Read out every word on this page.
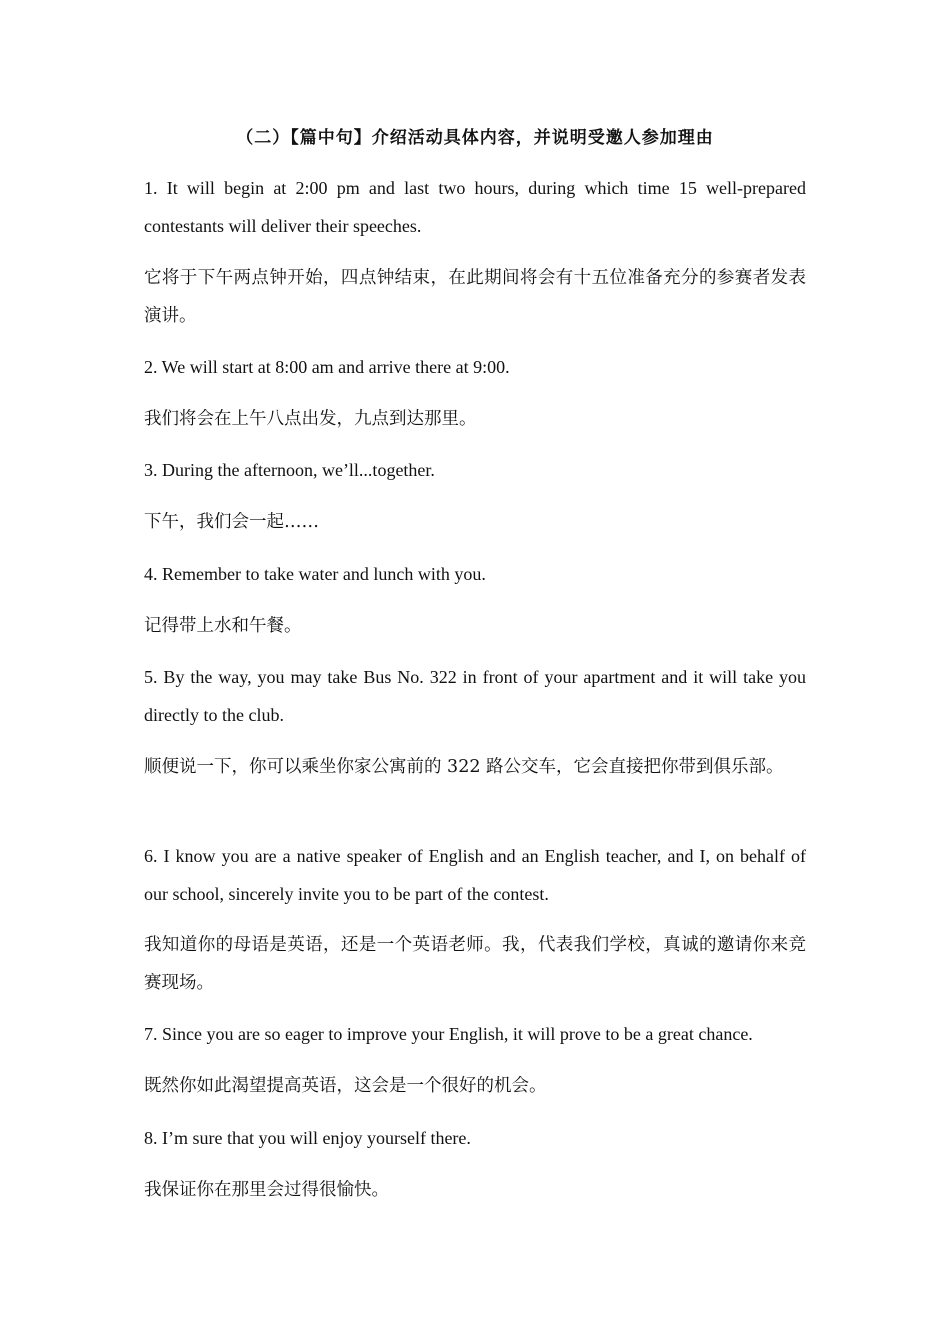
（二）【篇中句】介绍活动具体内容，并说明受邀人参加理由

1. It will begin at 2:00 pm and last two hours, during which time 15 well-prepared contestants will deliver their speeches.

它将于下午两点钟开始，四点钟结束，在此期间将会有十五位准备充分的参赛者发表演讲。

2. We will start at 8:00 am and arrive there at 9:00.

我们将会在上午八点出发，九点到达那里。

3. During the afternoon, we’ll...together.

下午，我们会一起……

4. Remember to take water and lunch with you.

记得带上水和午餐。

5. By the way, you may take Bus No. 322 in front of your apartment and it will take you directly to the club.

顺便说一下，你可以乘坐你家公寓前的 322 路公交车，它会直接把你带到俱乐部。

6. I know you are a native speaker of English and an English teacher, and I, on behalf of our school, sincerely invite you to be part of the contest.

我知道你的母语是英语，还是一个英语老师。我，代表我们学校，真诚的邀请你来竞赛现场。

7. Since you are so eager to improve your English, it will prove to be a great chance.

既然你如此渴望提高英语，这会是一个很好的机会。

8. I’m sure that you will enjoy yourself there.

我保证你在那里会过得很愉快。
